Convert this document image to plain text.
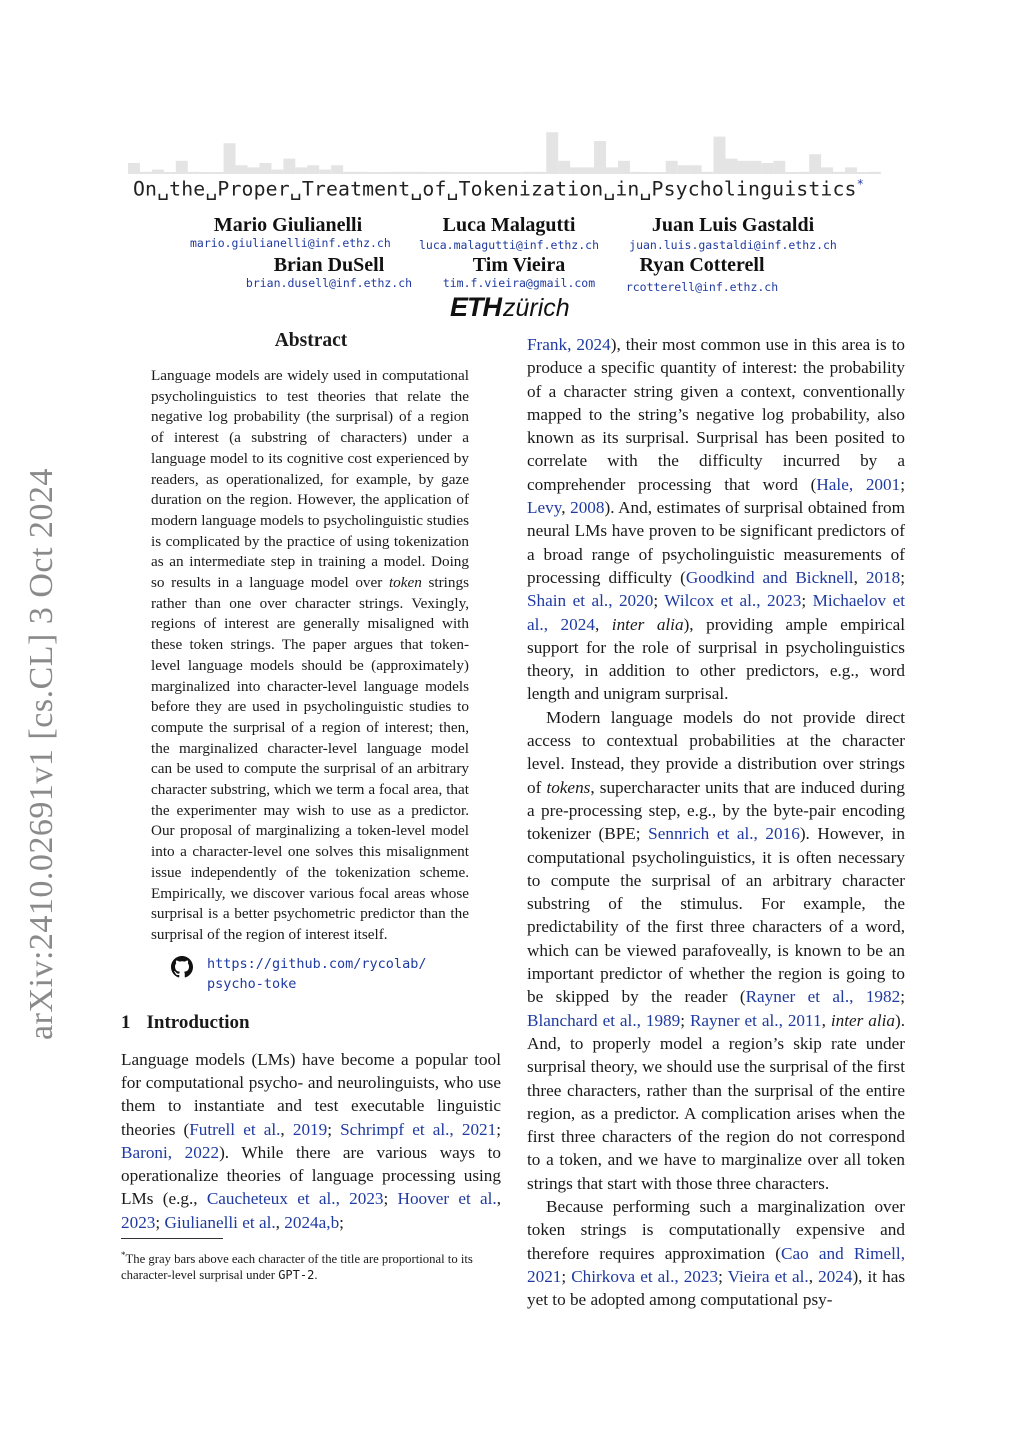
arXiv:2410.02691v1 [cs.CL] 3 Oct 2024
On␣the␣Proper␣Treatment␣of␣Tokenization␣in␣Psycholinguistics*
Mario Giulianelli
mario.giulianelli@inf.ethz.ch
Luca Malagutti
luca.malagutti@inf.ethz.ch
Juan Luis Gastaldi
juan.luis.gastaldi@inf.ethz.ch
Brian DuSell
brian.dusell@inf.ethz.ch
Tim Vieira
tim.f.vieira@gmail.com
Ryan Cotterell
rcotterell@inf.ethz.ch
ETHzürich
Abstract

Language models are widely used in computational psycholinguistics to test theories that relate the negative log probability (the surprisal) of a region of interest (a substring of characters) under a language model to its cognitive cost experienced by readers, as operationalized, for example, by gaze duration on the region. However, the application of modern language models to psycholinguistic studies is complicated by the practice of using tokenization as an intermediate step in training a model. Doing so results in a language model over token strings rather than one over character strings. Vexingly, regions of interest are generally misaligned with these token strings. The paper argues that token-level language models should be (approximately) marginalized into character-level language models before they are used in psycholinguistic studies to compute the surprisal of a region of interest; then, the marginalized character-level language model can be used to compute the surprisal of an arbitrary character substring, which we term a focal area, that the experimenter may wish to use as a predictor. Our proposal of marginalizing a token-level model into a character-level one solves this misalignment issue independently of the tokenization scheme. Empirically, we discover various focal areas whose surprisal is a better psychometric predictor than the surprisal of the region of interest itself.

https://github.com/rycolab/
psycho-toke
1 Introduction

Language models (LMs) have become a popular tool for computational psycho- and neurolinguists, who use them to instantiate and test executable linguistic theories (Futrell et al., 2019; Schrimpf et al., 2021; Baroni, 2022). While there are various ways to operationalize theories of language processing using LMs (e.g., Caucheteux et al., 2023; Hoover et al., 2023; Giulianelli et al., 2024a,b;

*The gray bars above each character of the title are proportional to its character-level surprisal under GPT-2.

Frank, 2024), their most common use in this area is to produce a specific quantity of interest: the probability of a character string given a context, conventionally mapped to the string’s negative log probability, also known as its surprisal. Surprisal has been posited to correlate with the difficulty incurred by a comprehender processing that word (Hale, 2001; Levy, 2008). And, estimates of surprisal obtained from neural LMs have proven to be significant predictors of a broad range of psycholinguistic measurements of processing difficulty (Goodkind and Bicknell, 2018; Shain et al., 2020; Wilcox et al., 2023; Michaelov et al., 2024, inter alia), providing ample empirical support for the role of surprisal in psycholinguistics theory, in addition to other predictors, e.g., word length and unigram surprisal.

Modern language models do not provide direct access to contextual probabilities at the character level. Instead, they provide a distribution over strings of tokens, supercharacter units that are induced during a pre-processing step, e.g., by the byte-pair encoding tokenizer (BPE; Sennrich et al., 2016). However, in computational psycholinguistics, it is often necessary to compute the surprisal of an arbitrary character substring of the stimulus. For example, the predictability of the first three characters of a word, which can be viewed parafoveally, is known to be an important predictor of whether the region is going to be skipped by the reader (Rayner et al., 1982; Blanchard et al., 1989; Rayner et al., 2011, inter alia). And, to properly model a region’s skip rate under surprisal theory, we should use the surprisal of the first three characters, rather than the surprisal of the entire region, as a predictor. A complication arises when the first three characters of the region do not correspond to a token, and we have to marginalize over all token strings that start with those three characters.

Because performing such a marginalization over token strings is computationally expensive and therefore requires approximation (Cao and Rimell, 2021; Chirkova et al., 2023; Vieira et al., 2024), it has yet to be adopted among computational psy-
